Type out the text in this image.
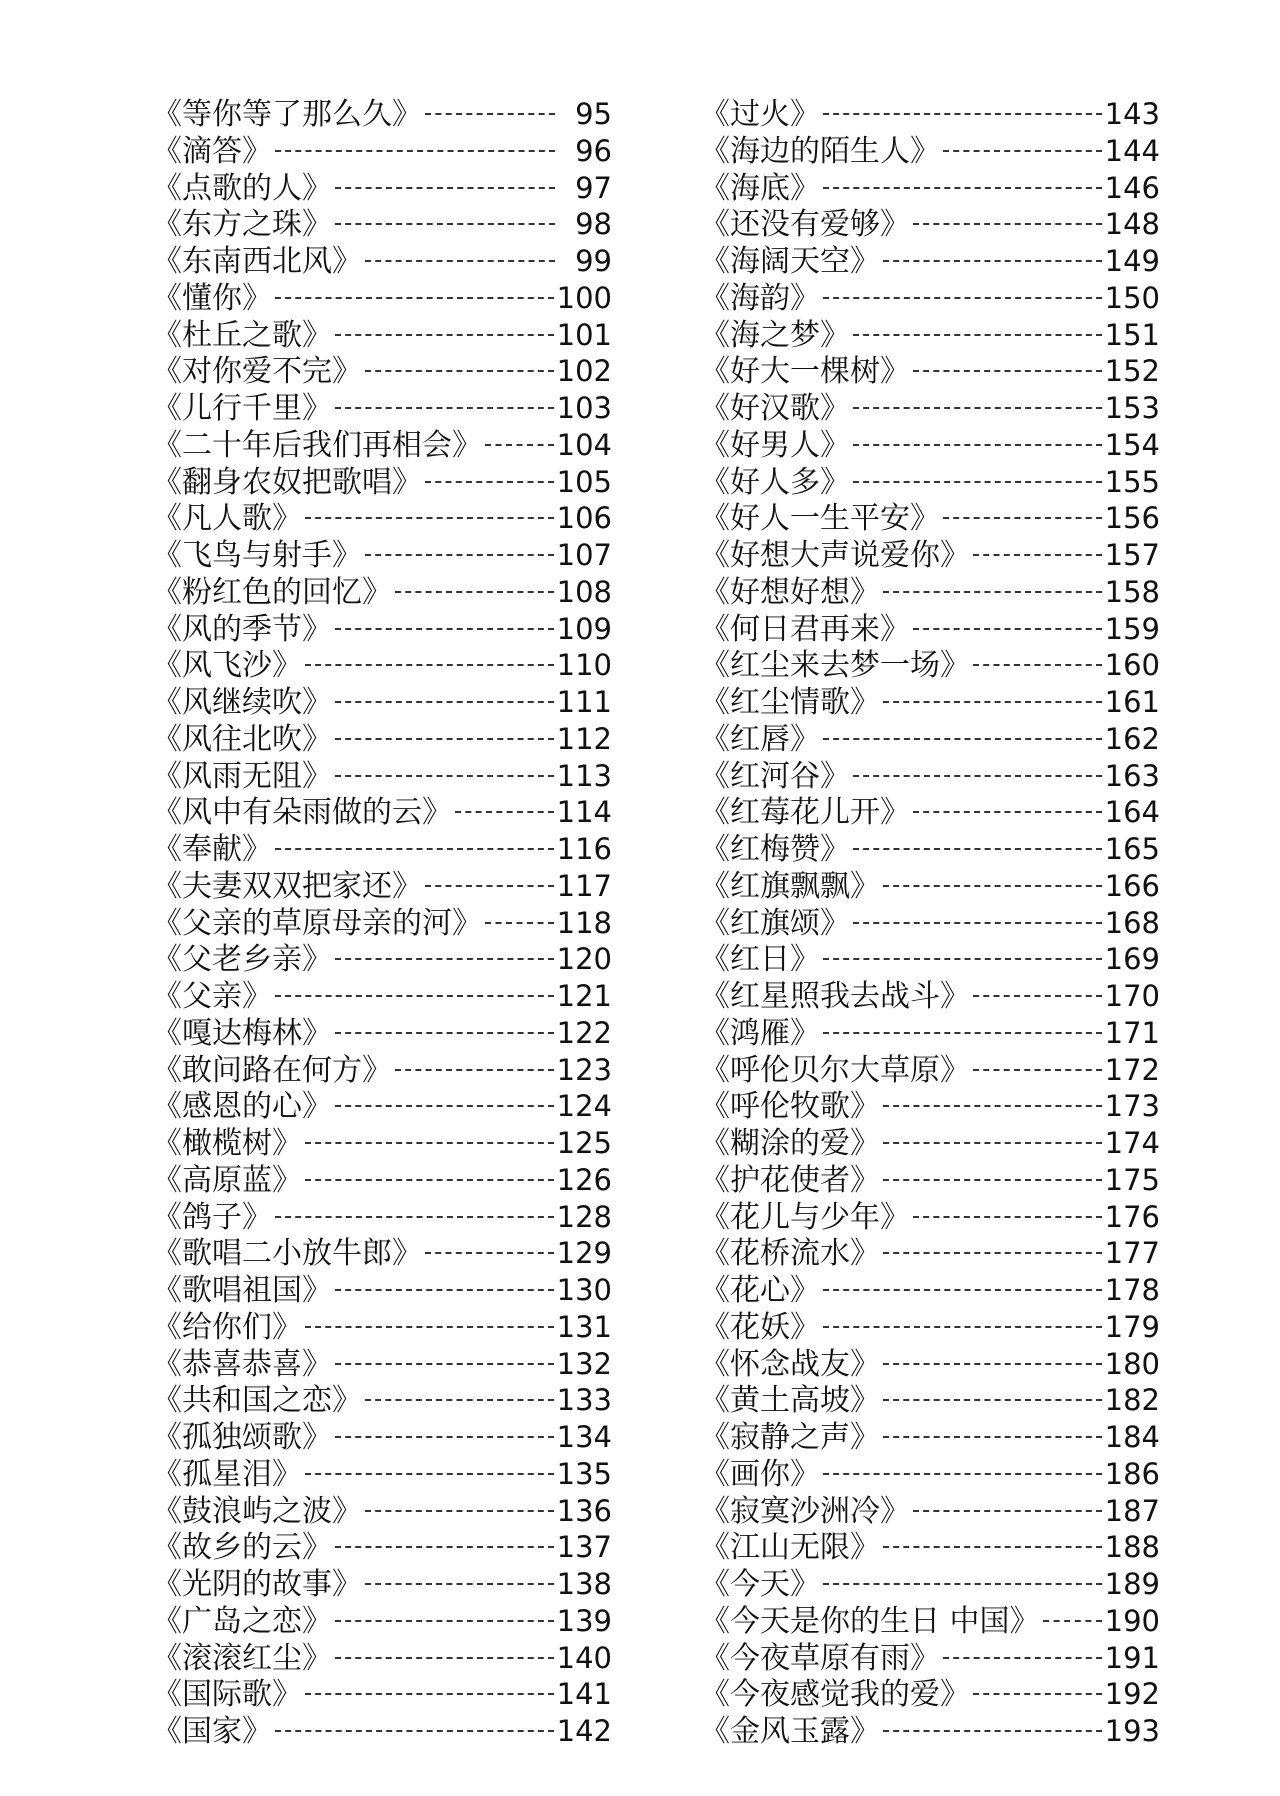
《等你等了那么久》	95
《滴答》	96
《点歌的人》	97
《东方之珠》	98
《东南西北风》	99
《懂你》	100
《杜丘之歌》	101
《对你爱不完》	102
《儿行千里》	103
《二十年后我们再相会》	104
《翻身农奴把歌唱》	105
《凡人歌》	106
《飞鸟与射手》	107
《粉红色的回忆》	108
《风的季节》	109
《风飞沙》	110
《风继续吹》	111
《风往北吹》	112
《风雨无阻》	113
《风中有朵雨做的云》	114
《奉献》	116
《夫妻双双把家还》	117
《父亲的草原母亲的河》	118
《父老乡亲》	120
《父亲》	121
《嘎达梅林》	122
《敢问路在何方》	123
《感恩的心》	124
《橄榄树》	125
《高原蓝》	126
《鸽子》	128
《歌唱二小放牛郎》	129
《歌唱祖国》	130
《给你们》	131
《恭喜恭喜》	132
《共和国之恋》	133
《孤独颂歌》	134
《孤星泪》	135
《鼓浪屿之波》	136
《故乡的云》	137
《光阴的故事》	138
《广岛之恋》	139
《滚滚红尘》	140
《国际歌》	141
《国家》	142
《过火》	143
《海边的陌生人》	144
《海底》	146
《还没有爱够》	148
《海阔天空》	149
《海韵》	150
《海之梦》	151
《好大一棵树》	152
《好汉歌》	153
《好男人》	154
《好人多》	155
《好人一生平安》	156
《好想大声说爱你》	157
《好想好想》	158
《何日君再来》	159
《红尘来去梦一场》	160
《红尘情歌》	161
《红唇》	162
《红河谷》	163
《红莓花儿开》	164
《红梅赞》	165
《红旗飘飘》	166
《红旗颂》	168
《红日》	169
《红星照我去战斗》	170
《鸿雁》	171
《呼伦贝尔大草原》	172
《呼伦牧歌》	173
《糊涂的爱》	174
《护花使者》	175
《花儿与少年》	176
《花桥流水》	177
《花心》	178
《花妖》	179
《怀念战友》	180
《黄土高坡》	182
《寂静之声》	184
《画你》	186
《寂寞沙洲冷》	187
《江山无限》	188
《今天》	189
《今天是你的生日 中国》 190
《今夜草原有雨》	191
《今夜感觉我的爱》	192
《金风玉露》	193
